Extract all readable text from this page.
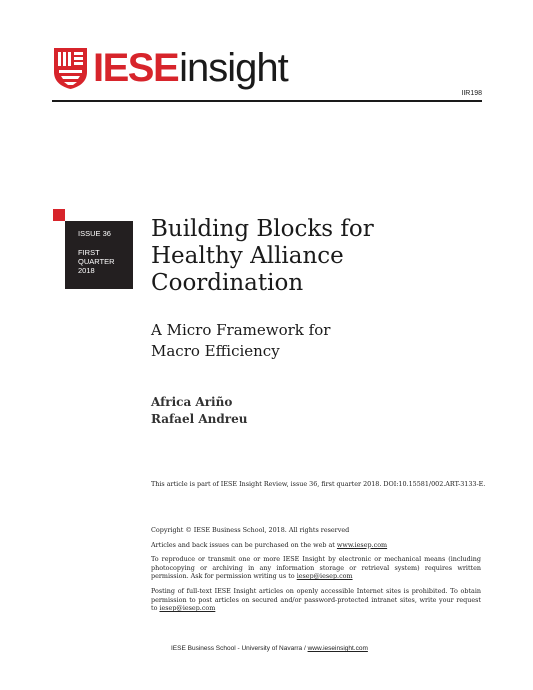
IESE insight
IIR198
ISSUE 36
FIRST
QUARTER
2018
Building Blocks for
Healthy Alliance
Coordination
A Micro Framework for
Macro Efficiency
Africa Ariño
Rafael Andreu
This article is part of IESE Insight Review, issue 36, first quarter 2018. DOI:10.15581/002.ART-3133-E.

Copyright © IESE Business School, 2018. All rights reserved

Articles and back issues can be purchased on the web at www.iesep.com

To reproduce or transmit one or more IESE Insight by electronic or mechanical means (including photocopying or archiving in any information storage or retrieval system) requires written permission. Ask for permission writing us to iesep@iesep.com

Posting of full-text IESE Insight articles on openly accessible Internet sites is prohibited. To obtain permission to post articles on secured and/or password-protected intranet sites, write your request to iesep@iesep.com

IESE Business School - University of Navarra / www.ieseinsight.com
